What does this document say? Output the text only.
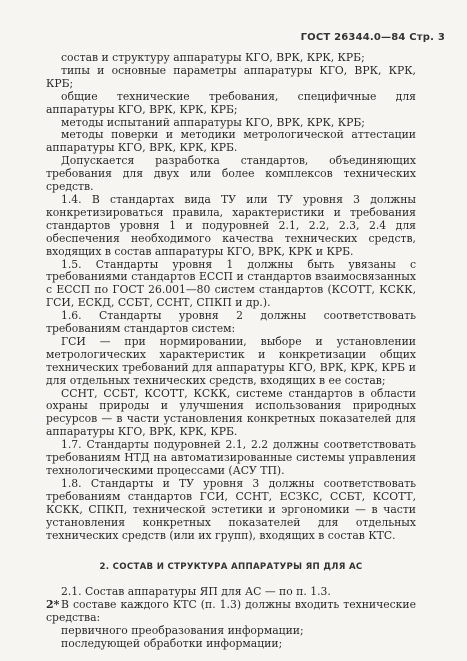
ГОСТ 26344.0—84 Стр. 3

состав и структуру аппаратуры КГО, ВРК, КРК, КРБ;

типы и основные параметры аппаратуры КГО, ВРК, КРК, КРБ;

общие технические требования, специфичные для аппаратуры КГО, ВРК, КРК, КРБ;

методы испытаний аппаратуры КГО, ВРК, КРК, КРБ;

методы поверки и методики метрологической аттестации аппаратуры КГО, ВРК, КРК, КРБ.

Допускается разработка стандартов, объединяющих требования для двух или более комплексов технических средств.

1.4. В стандартах вида ТУ или ТУ уровня 3 должны конкретизироваться правила, характеристики и требования стандартов уровня 1 и подуровней 2.1, 2.2, 2.3, 2.4 для обеспечения необходимого качества технических средств, входящих в состав аппаратуры КГО, ВРК, КРК и КРБ.

1.5. Стандарты уровня 1 должны быть увязаны с требованиями стандартов ЕССП и стандартов взаимосвязанных с ЕССП по ГОСТ 26.001—80 систем стандартов (КСОТТ, КСКК, ГСИ, ЕСКД, ССБТ, ССНТ, СПКП и др.).

1.6. Стандарты уровня 2 должны соответствовать требованиям стандартов систем:

ГСИ — при нормировании, выборе и установлении метрологических характеристик и конкретизации общих технических требований для аппаратуры КГО, ВРК, КРК, КРБ и для отдельных технических средств, входящих в ее состав;

ССНТ, ССБТ, КСОТТ, КСКК, системе стандартов в области охраны природы и улучшения использования природных ресурсов — в части установления конкретных показателей для аппаратуры КГО, ВРК, КРК, КРБ.

1.7. Стандарты подуровней 2.1, 2.2 должны соответствовать требованиям НТД на автоматизированные системы управления технологическими процессами (АСУ ТП).

1.8. Стандарты и ТУ уровня 3 должны соответствовать требованиям стандартов ГСИ, ССНТ, ЕСЗКС, ССБТ, КСОТТ, КСКК, СПКП, технической эстетики и эргономики — в части установления конкретных показателей для отдельных технических средств (или их групп), входящих в состав КТС.

2. СОСТАВ И СТРУКТУРА АППАРАТУРЫ ЯП ДЛЯ АС

2.1. Состав аппаратуры ЯП для АС — по п. 1.3.

В составе каждого КТС (п. 1.3) должны входить технические средства:

первичного преобразования информации;

последующей обработки информации;

2*
